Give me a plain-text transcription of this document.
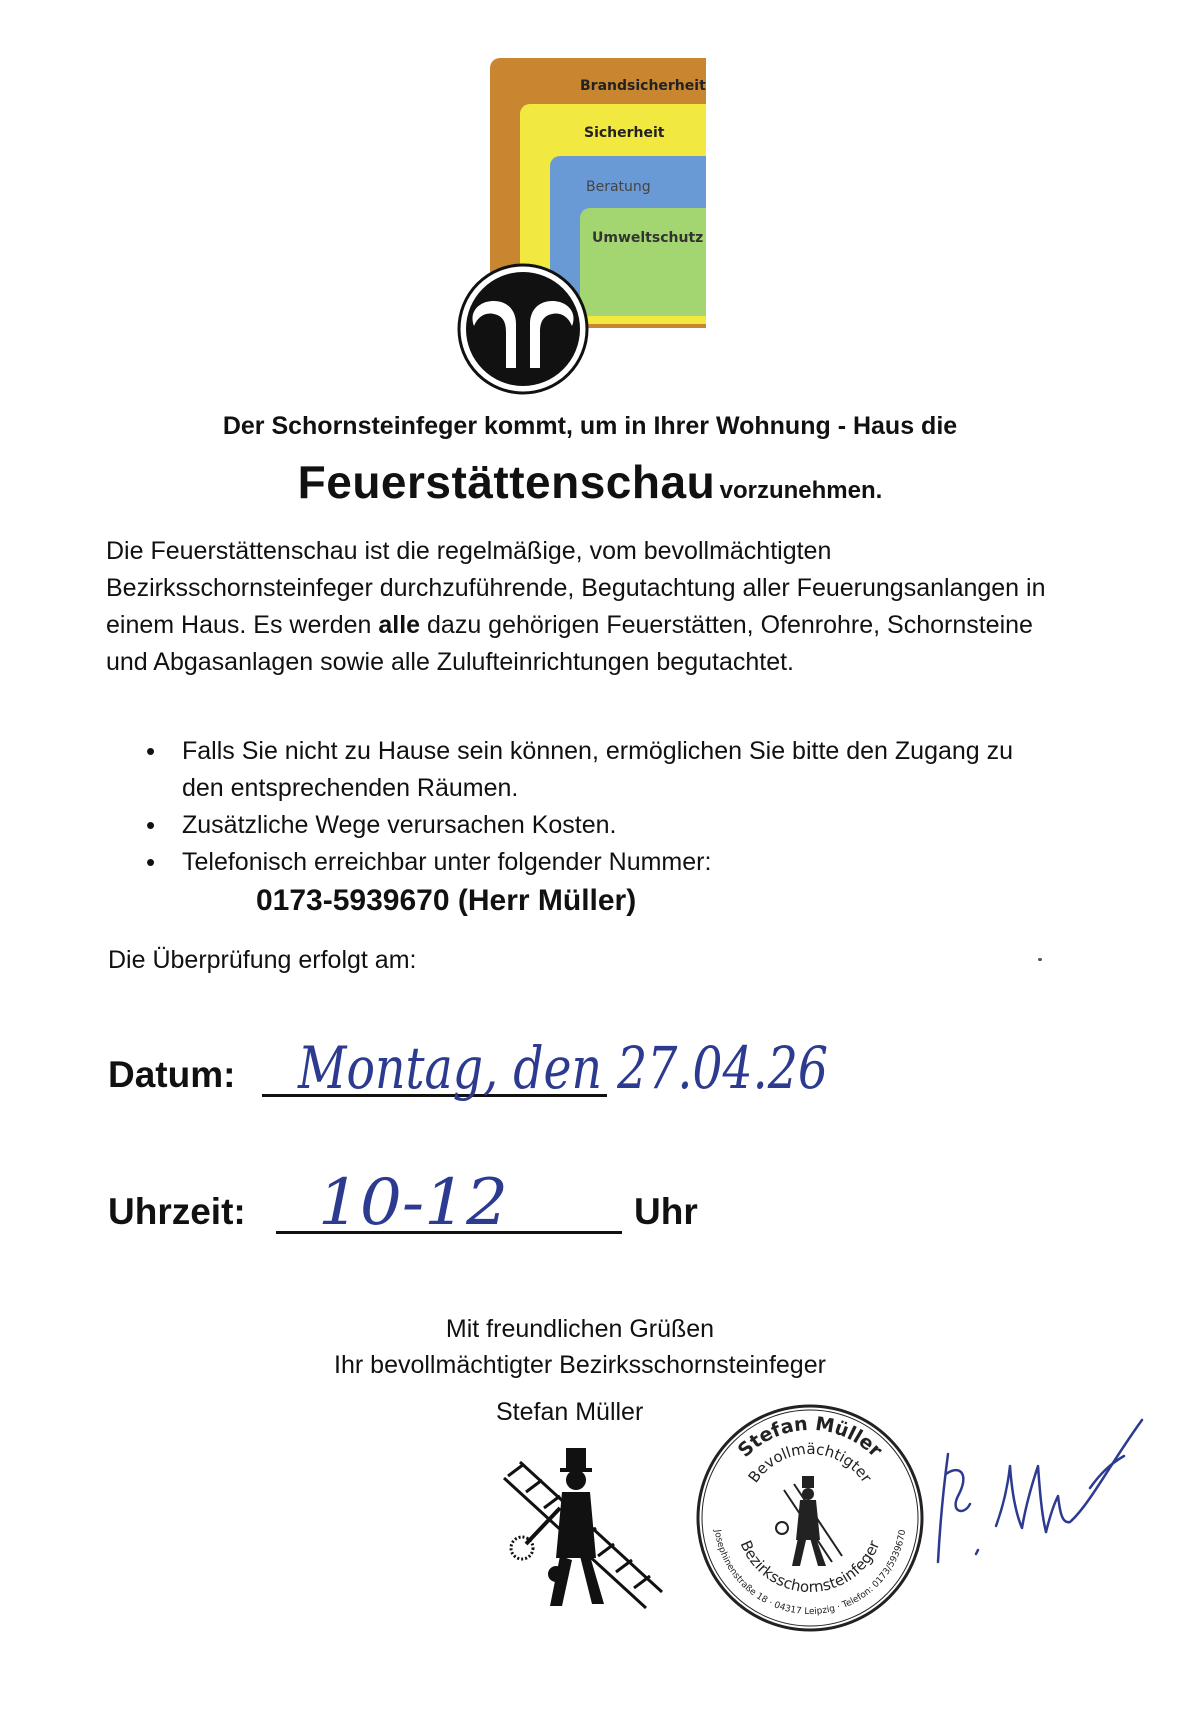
Brandsicherheit
Sicherheit
Beratung
Umweltschutz
Der Schornsteinfeger kommt, um in Ihrer Wohnung - Haus die
Feuerstättenschau vorzunehmen.
Die Feuerstättenschau ist die regelmäßige, vom bevollmächtigten Bezirksschornsteinfeger durchzuführende, Begutachtung aller Feuerungsanlangen in einem Haus. Es werden alle dazu gehörigen Feuerstätten, Ofenrohre, Schornsteine und Abgasanlagen sowie alle Zulufteinrichtungen begutachtet.
• Falls Sie nicht zu Hause sein können, ermöglichen Sie bitte den Zugang zu den entsprechenden Räumen.
• Zusätzliche Wege verursachen Kosten.
• Telefonisch erreichbar unter folgender Nummer:
0173-5939670 (Herr Müller)
Die Überprüfung erfolgt am:
Datum:
Uhrzeit:	Uhr
Montag, den 27.04.26
10-12
Mit freundlichen Grüßen
Ihr bevollmächtigter Bezirksschornsteinfeger
Stefan Müller
Stefan Müller
Bevollmächtigter
Bezirksschornsteinfeger
Josephinenstraße 18 · 04317 Leipzig · Telefon: 0173/5939670
